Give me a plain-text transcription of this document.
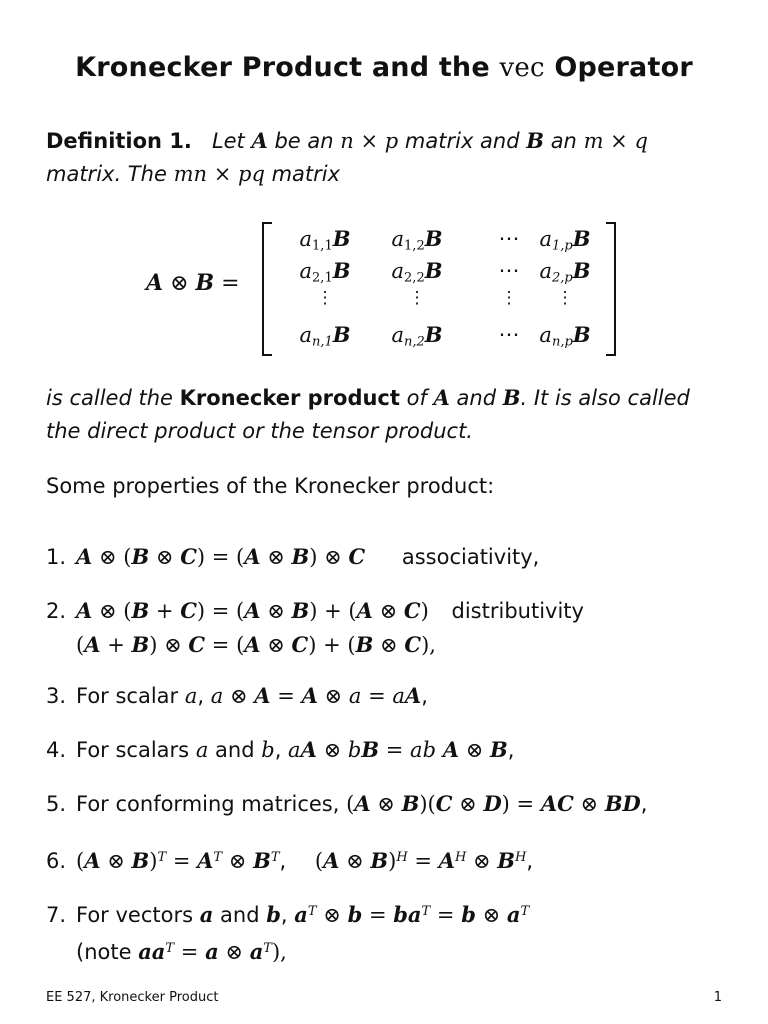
Kronecker Product and the vec Operator
Definition 1. Let A be an n × p matrix and B an m × q
matrix. The mn × pq matrix
A ⊗ B =
$a_{1,1}B$	$a_{1,2}B$	⋯ $a_{1,p}B$
$a_{2,1}B$	$a_{2,2}B$	⋯ $a_{2,p}B$
⋮	⋮	⋮	⋮
$a_{n,1}B$	$a_{n,2}B$	⋯ $a_{n,p}B$
is called the Kronecker product of A and B. It is also called
the direct product or the tensor product.
Some properties of the Kronecker product:
1. A ⊗ (B ⊗ C) = (A ⊗ B) ⊗ C associativity,
2. A ⊗ (B + C) = (A ⊗ B) + (A ⊗ C) distributivity
(A + B) ⊗ C = (A ⊗ C) + (B ⊗ C),
3. For scalar a, a ⊗ A = A ⊗ a = aA,
4. For scalars a and b, aA ⊗ bB = ab A ⊗ B,
5. For conforming matrices, (A ⊗ B)(C ⊗ D) = AC ⊗ BD,
6. (A ⊗ $B)^T = A^T$ ⊗ $B^T$, (A ⊗ $B)^H = A^H$ ⊗ $B^H$,
7. For vectors a and b, $a^T$ ⊗ $b = ba^T = b$ ⊗ $a^T$
(note $aa^T = a$ ⊗ $a^T$),
EE 527, Kronecker Product	1
